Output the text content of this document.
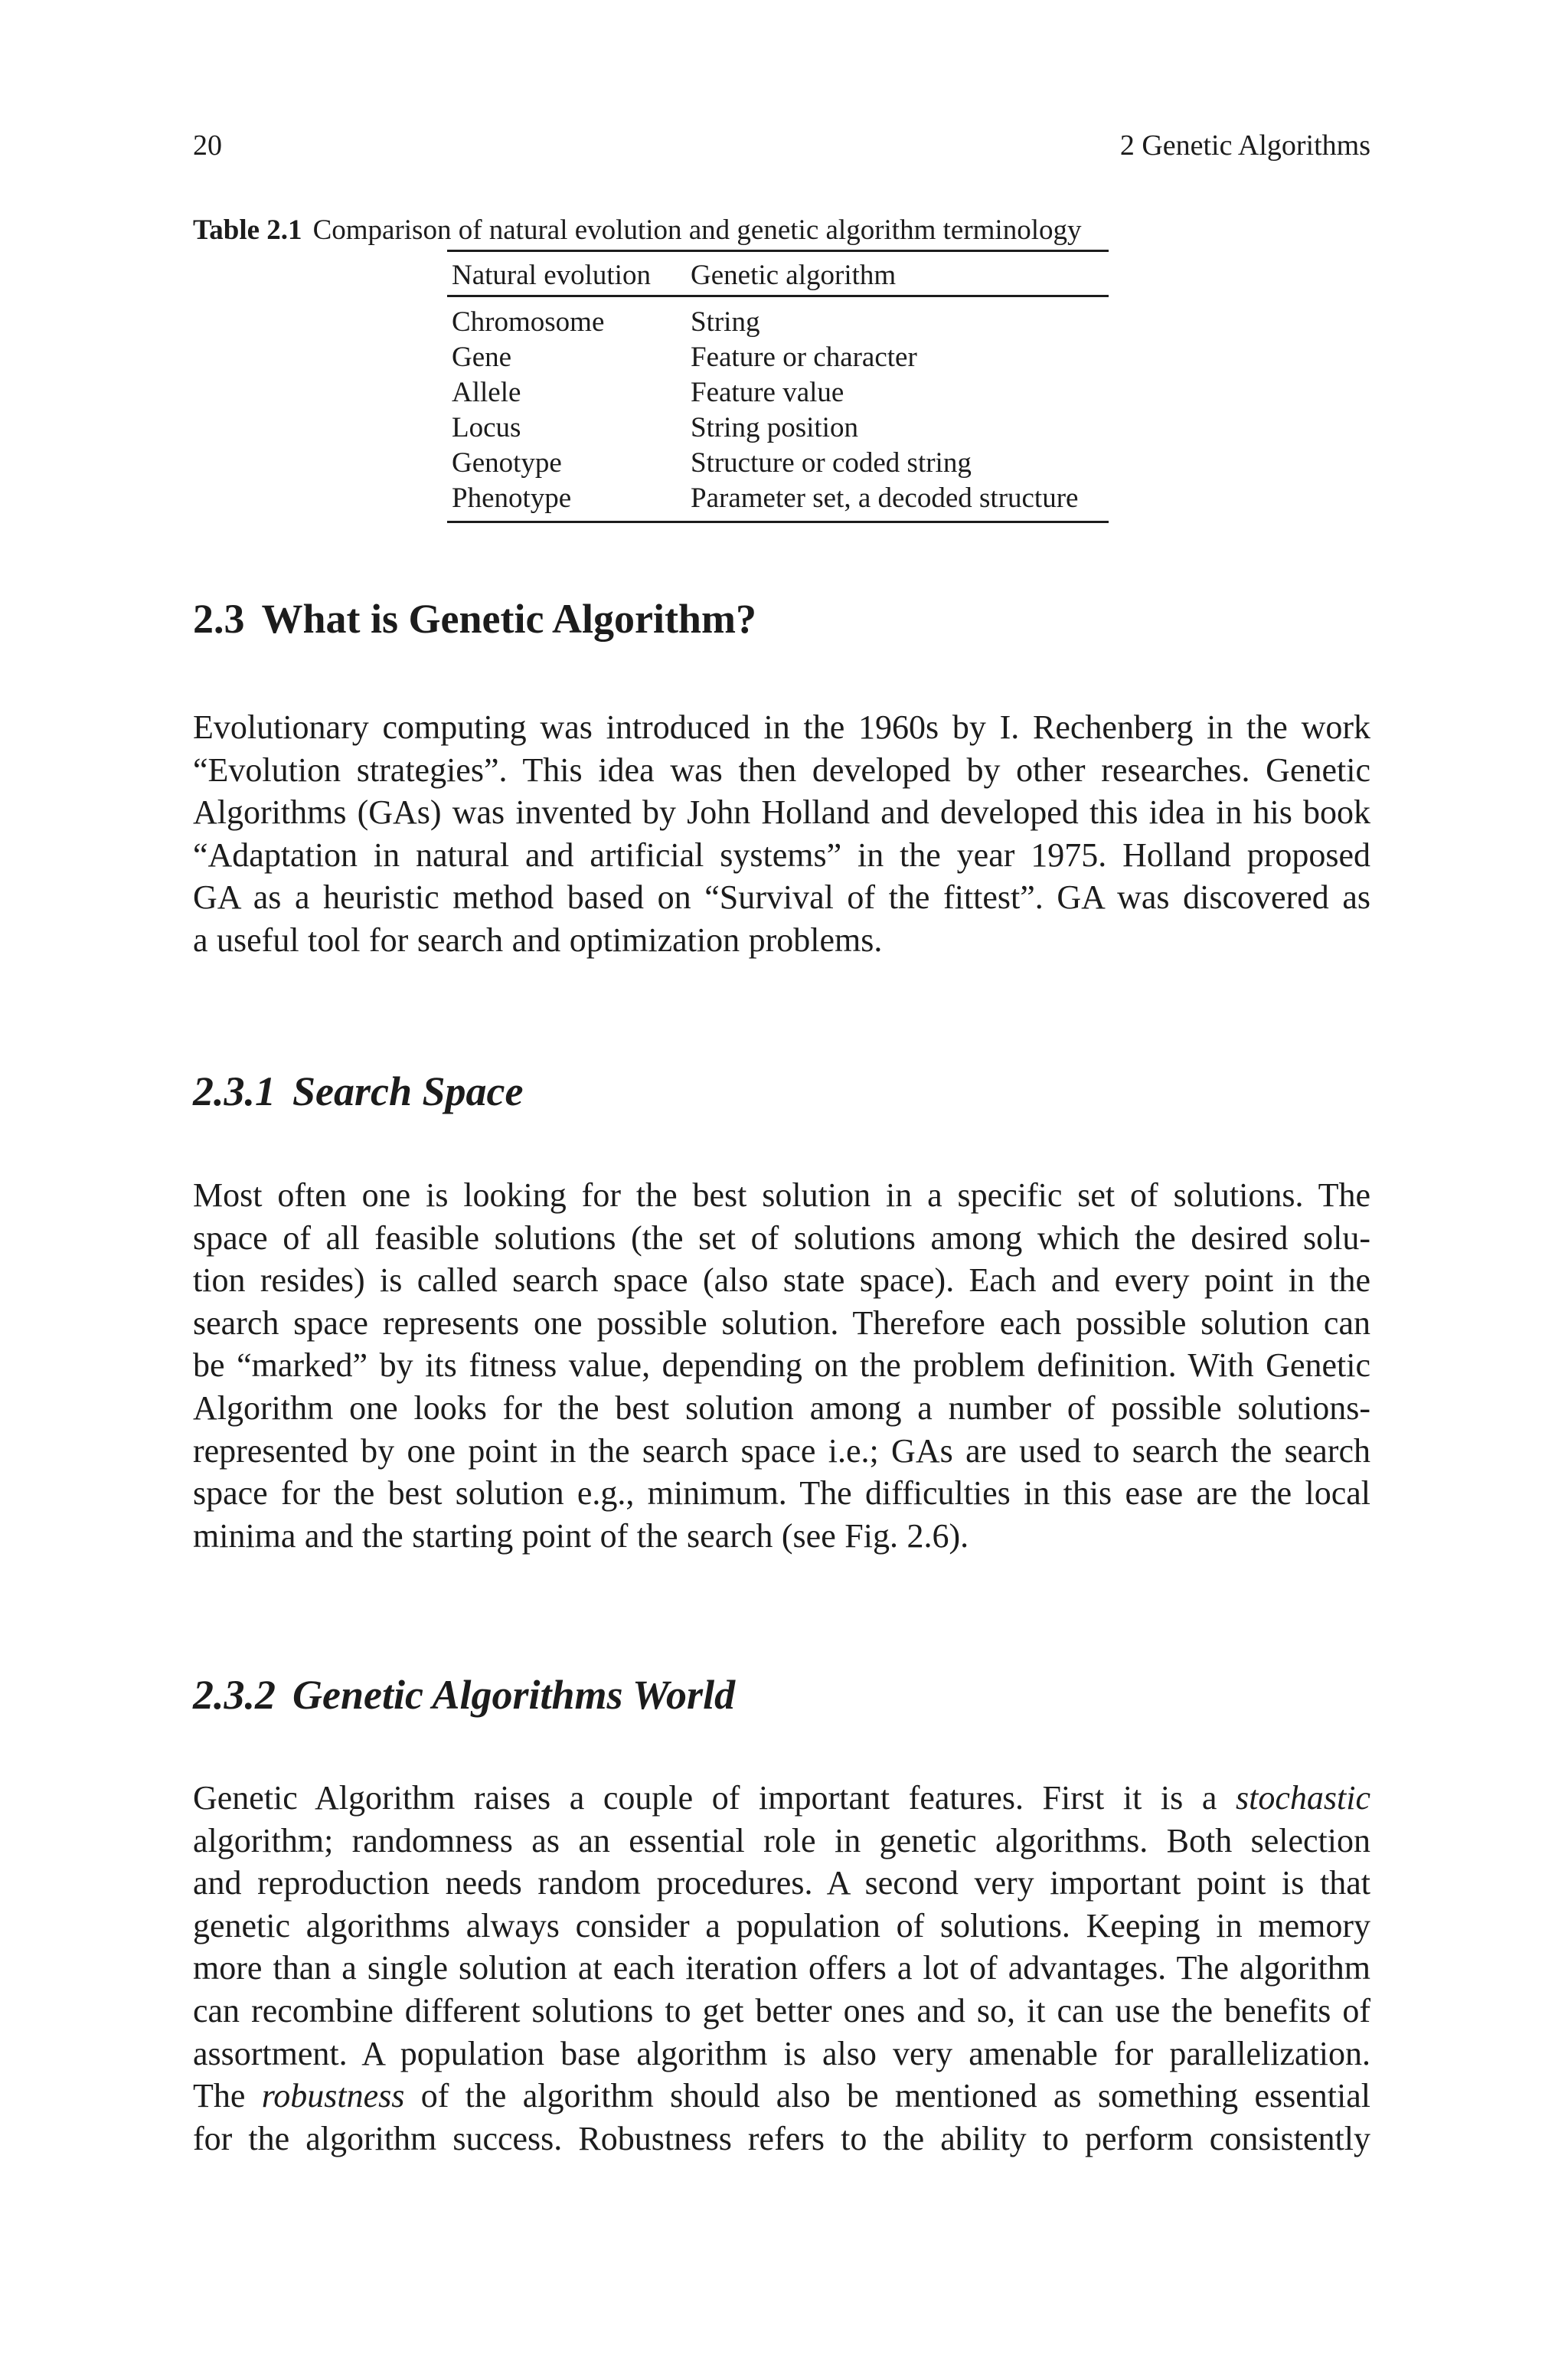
20	2 Genetic Algorithms
Table 2.1 Comparison of natural evolution and genetic algorithm terminology
Natural evolution	Genetic algorithm
Chromosome	String
Gene	Feature or character
Allele	Feature value
Locus	String position
Genotype	Structure or coded string
Phenotype	Parameter set, a decoded structure
2.3 What is Genetic Algorithm?

Evolutionary computing was introduced in the 1960s by I. Rechenberg in the work
“Evolution strategies”. This idea was then developed by other researches. Genetic
Algorithms (GAs) was invented by John Holland and developed this idea in his book
“Adaptation in natural and artificial systems” in the year 1975. Holland proposed
GA as a heuristic method based on “Survival of the fittest”. GA was discovered as
a useful tool for search and optimization problems.

2.3.1 Search Space

Most often one is looking for the best solution in a specific set of solutions. The
space of all feasible solutions (the set of solutions among which the desired solu-
tion resides) is called search space (also state space). Each and every point in the
search space represents one possible solution. Therefore each possible solution can
be “marked” by its fitness value, depending on the problem definition. With Genetic
Algorithm one looks for the best solution among a number of possible solutions-
represented by one point in the search space i.e.; GAs are used to search the search
space for the best solution e.g., minimum. The difficulties in this ease are the local
minima and the starting point of the search (see Fig. 2.6).

2.3.2 Genetic Algorithms World

Genetic Algorithm raises a couple of important features. First it is a stochastic
algorithm; randomness as an essential role in genetic algorithms. Both selection
and reproduction needs random procedures. A second very important point is that
genetic algorithms always consider a population of solutions. Keeping in memory
more than a single solution at each iteration offers a lot of advantages. The algorithm
can recombine different solutions to get better ones and so, it can use the benefits of
assortment. A population base algorithm is also very amenable for parallelization.
The robustness of the algorithm should also be mentioned as something essential
for the algorithm success. Robustness refers to the ability to perform consistently
